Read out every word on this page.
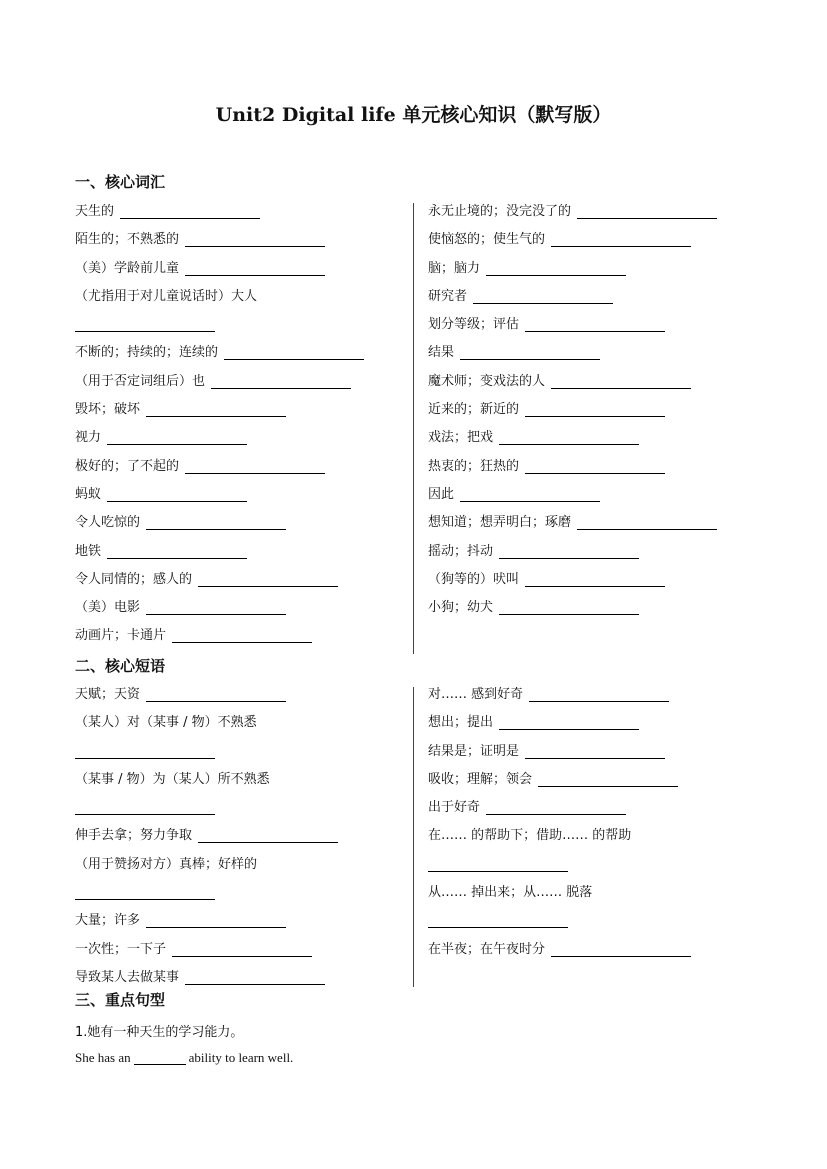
Unit2 Digital life 单元核心知识（默写版）
一、核心词汇
天生的
陌生的；不熟悉的
（美）学龄前儿童
（尤指用于对儿童说话时）大人
不断的；持续的；连续的
（用于否定词组后）也
毁坏；破坏
视力
极好的；了不起的
蚂蚁
令人吃惊的
地铁
令人同情的；感人的
（美）电影
动画片；卡通片
永无止境的；没完没了的
使恼怒的；使生气的
脑；脑力
研究者
划分等级；评估
结果
魔术师；变戏法的人
近来的；新近的
戏法；把戏
热衷的；狂热的
因此
想知道；想弄明白；琢磨
摇动；抖动
（狗等的）吠叫
小狗；幼犬
二、核心短语
天赋；天资
（某人）对（某事 / 物）不熟悉
（某事 / 物）为（某人）所不熟悉
伸手去拿；努力争取
（用于赞扬对方）真棒；好样的
大量；许多
一次性；一下子
导致某人去做某事
对…… 感到好奇
想出；提出
结果是；证明是
吸收；理解；领会
出于好奇
在…… 的帮助下；借助…… 的帮助
从…… 掉出来；从…… 脱落
在半夜；在午夜时分
三、重点句型
1.她有一种天生的学习能力。
She has an	ability to learn well.
